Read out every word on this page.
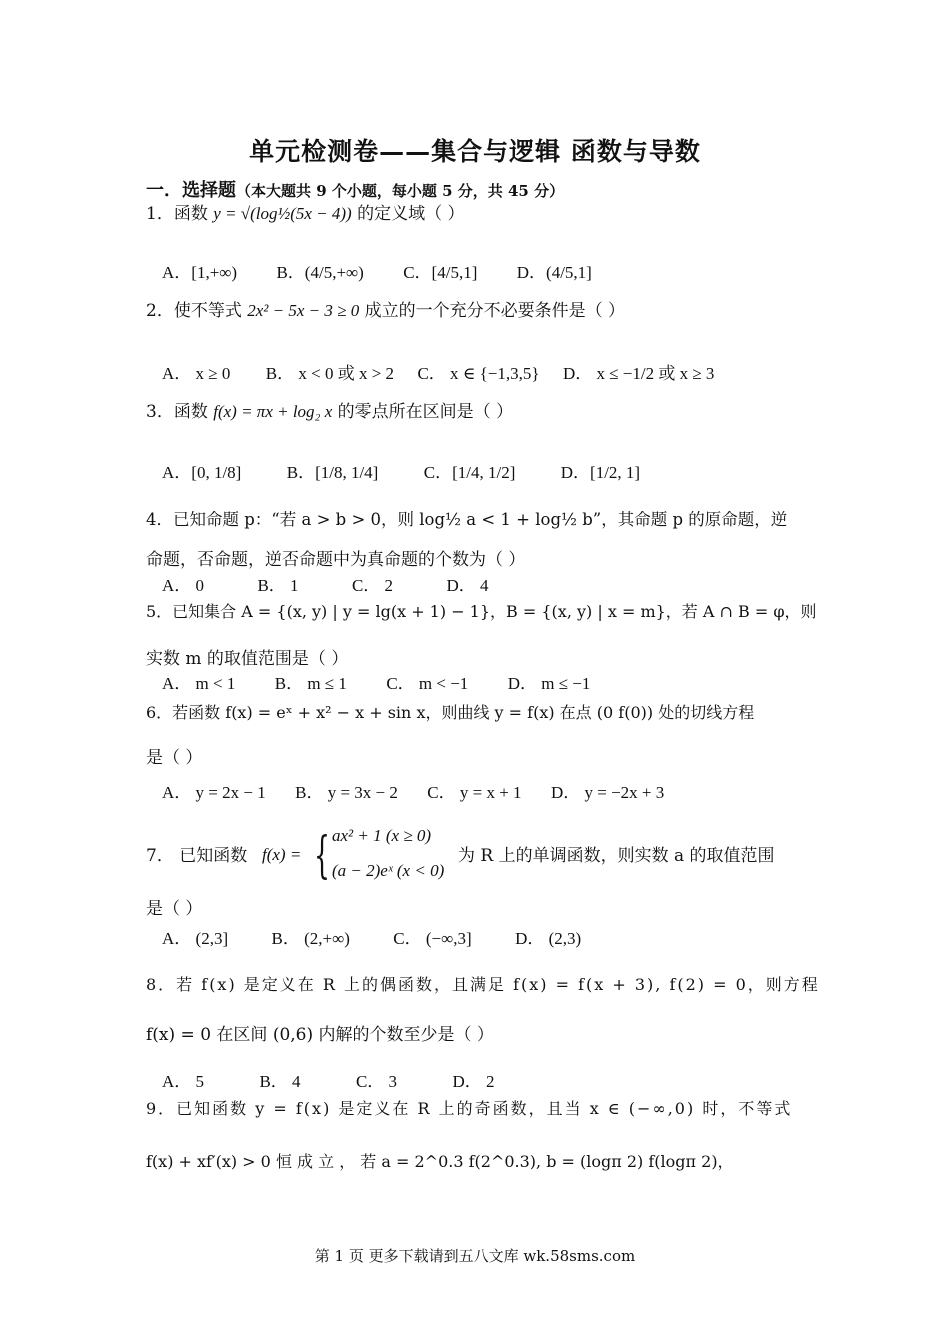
单元检测卷——集合与逻辑 函数与导数
一．选择题（本大题共 9 个小题，每小题 5 分，共 45 分）
1．函数 y = √(log½(5x − 4)) 的定义域（ ）
A．[1,+∞) B．(4/5,+∞) C．[4/5,1] D．(4/5,1]
2．使不等式 2x² − 5x − 3 ≥ 0 成立的一个充分不必要条件是（ ）
A． x ≥ 0 B． x < 0 或 x > 2 C． x ∈ {−1,3,5} D． x ≤ −1/2 或 x ≥ 3
3．函数 f(x) = πx + log₂ x 的零点所在区间是（ ）
A．[0, 1/8]	B．[1/8, 1/4]	C．[1/4, 1/2]	D．[1/2, 1]
4．已知命题 p：“若 a > b > 0，则 log½ a < 1 + log½ b”，其命题 p 的原命题，逆
命题，否命题，逆否命题中为真命题的个数为（ ）
A． 0	B． 1	C． 2	D． 4
5．已知集合 A = {(x, y) | y = lg(x + 1) − 1}，B = {(x, y) | x = m}，若 A ∩ B = φ，则
实数 m 的取值范围是（ ）
A． m < 1 B． m ≤ 1 C． m < −1 D． m ≤ −1
6．若函数 f(x) = eˣ + x² − x + sin x，则曲线 y = f(x) 在点 (0 f(0)) 处的切线方程
是（ ）
A． y = 2x − 1 B． y = 3x − 2 C． y = x + 1 D． y = −2x + 3
7． 已知函数 f(x) = { ax² + 1 (x ≥ 0)
(a − 2)eˣ (x < 0)
为 R 上的单调函数，则实数 a 的取值范围
是（ ）
A． (2,3]	B． (2,+∞)	C． (−∞,3]	D． (2,3)
8．若 f(x) 是定义在 R 上的偶函数，且满足 f(x) = f(x + 3), f(2) = 0，则方程
f(x) = 0 在区间 (0,6) 内解的个数至少是（ ）
A． 5	B． 4	C． 3	D． 2
9．已知函数 y = f(x) 是定义在 R 上的奇函数，且当 x ∈ (−∞,0) 时，不等式
f(x) + xf′(x) > 0 恒 成 立 ， 若 a = 2^0.3 f(2^0.3), b = (logπ 2) f(logπ 2)，
第 1 页 更多下载请到五八文库 wk.58sms.com
